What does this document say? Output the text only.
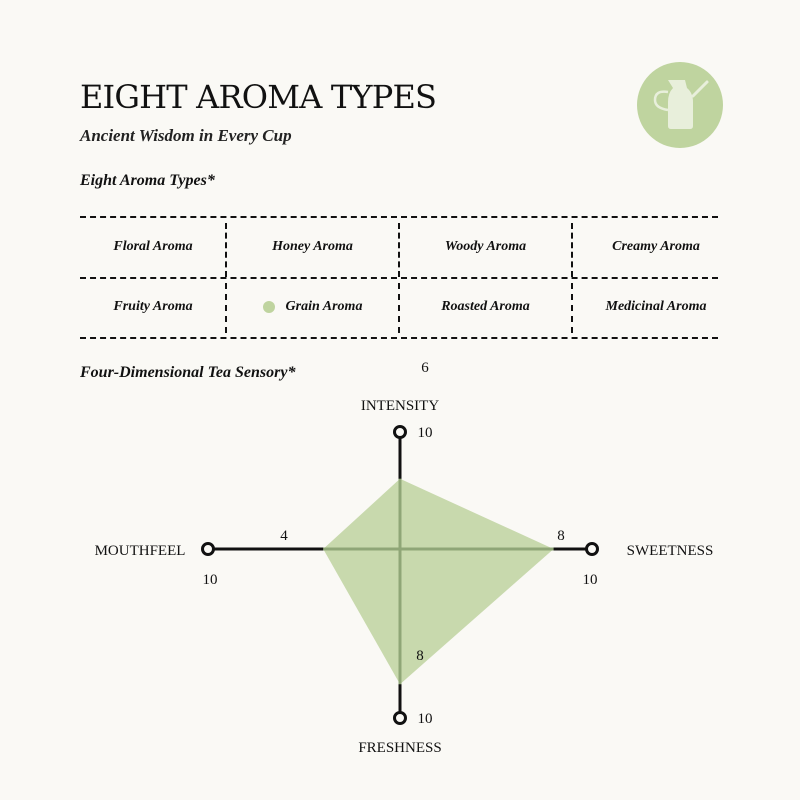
EIGHT AROMA TYPES
Ancient Wisdom in Every Cup
Eight Aroma Types*
Floral Aroma	Honey Aroma	Woody Aroma	Creamy Aroma
Fruity Aroma	Grain Aroma	Roasted Aroma	Medicinal Aroma
Four-Dimensional Tea Sensory*
INTENSITY
10
6
SWEETNESS
10
8
FRESHNESS
10
8
MOUTHFEEL
10
4
